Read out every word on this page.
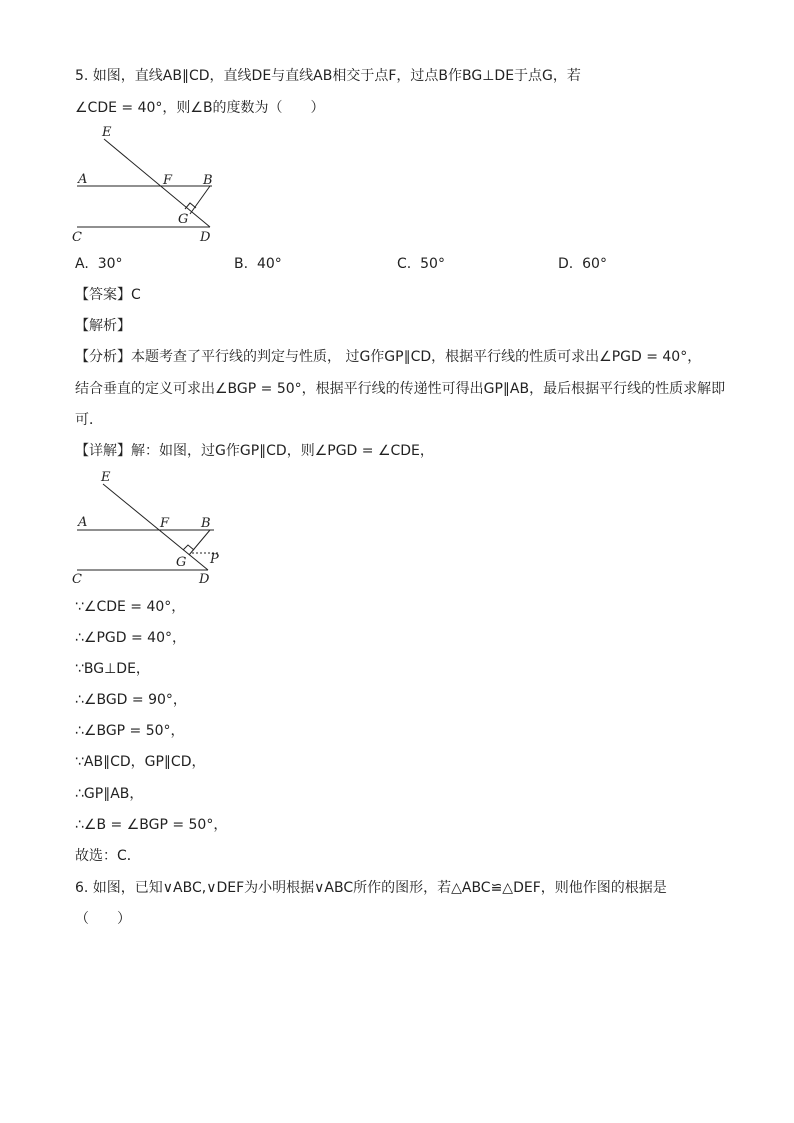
5. 如图，直线AB∥CD，直线DE与直线AB相交于点F，过点B作BG⊥DE于点G，若
∠CDE = 40°，则∠B的度数为（　　）
E
A	F B
G
C	D
A. 30°	B. 40°	C. 50°	D. 60°
【答案】C
【解析】
【分析】本题考查了平行线的判定与性质， 过G作GP∥CD，根据平行线的性质可求出∠PGD = 40°，
结合垂直的定义可求出∠BGP = 50°，根据平行线的传递性可得出GP∥AB，最后根据平行线的性质求解即
可．
【详解】解：如图，过G作GP∥CD，则∠PGD = ∠CDE，
E
A	F B
G P
C	D
∵∠CDE = 40°，
∴∠PGD = 40°，
∵BG⊥DE，
∴∠BGD = 90°，
∴∠BGP = 50°，
∵AB∥CD，GP∥CD，
∴GP∥AB，
∴∠B = ∠BGP = 50°，
故选：C．
6. 如图，已知∨ABC,∨DEF为小明根据∨ABC所作的图形，若△ABC≌△DEF，则他作图的根据是
（　　）
